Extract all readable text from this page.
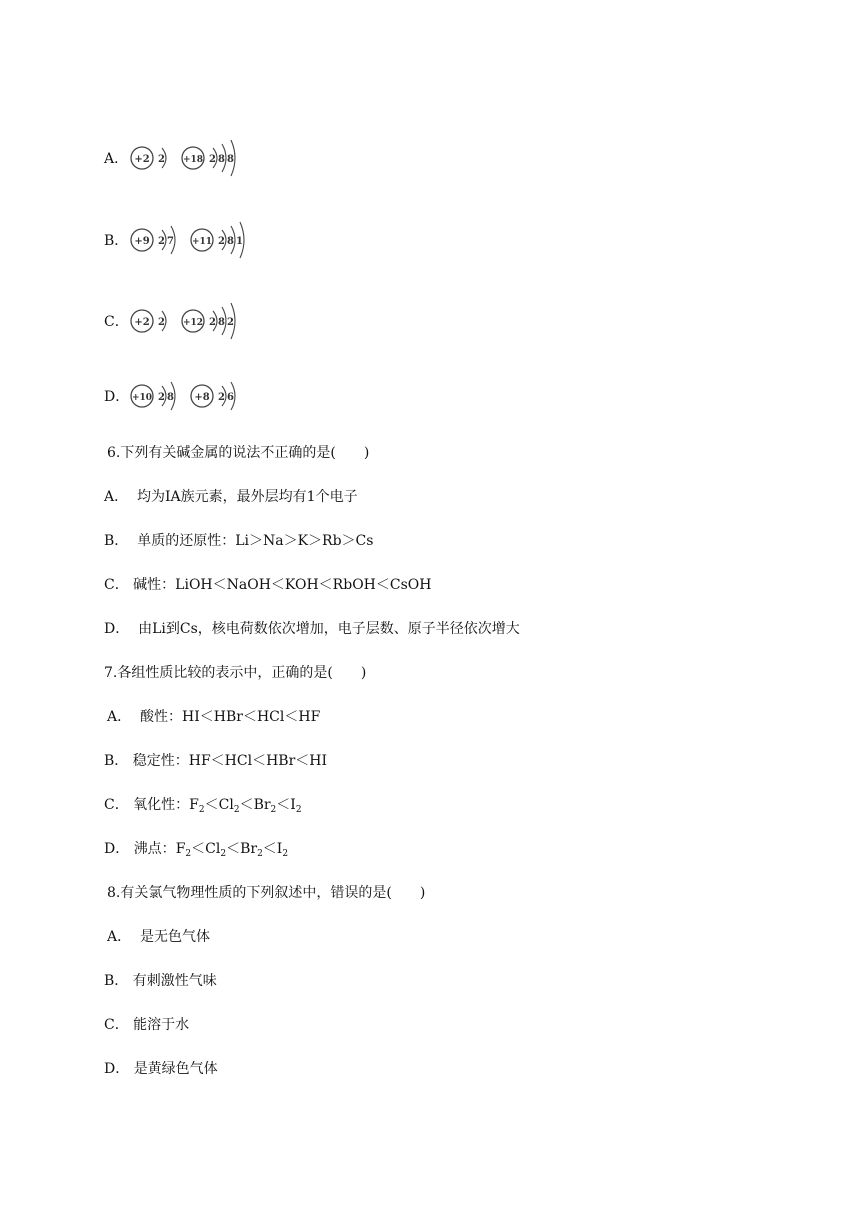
A． +2 2 +18 2 8 8
B． +9 2 7 +11 2 8 1
C． +2 2 +12 2 8 2
D． +10 2 8 +8 2 6
6.下列有关碱金属的说法不正确的是(　　)
A． 均为ⅠA族元素，最外层均有1个电子
B． 单质的还原性：Li＞Na＞K＞Rb＞Cs
C． 碱性：LiOH＜NaOH＜KOH＜RbOH＜CsOH
D． 由Li到Cs，核电荷数依次增加，电子层数、原子半径依次增大
7.各组性质比较的表示中，正确的是(　　)
A． 酸性：HI＜HBr＜HCl＜HF
B． 稳定性：HF＜HCl＜HBr＜HI
C． 氧化性：$F_2<Cl_2<Br_2<I_2$
D． 沸点：$F_2<Cl_2<Br_2<I_2$
8.有关氯气物理性质的下列叙述中，错误的是(　　)
A． 是无色气体
B． 有刺激性气味
C． 能溶于水
D． 是黄绿色气体
